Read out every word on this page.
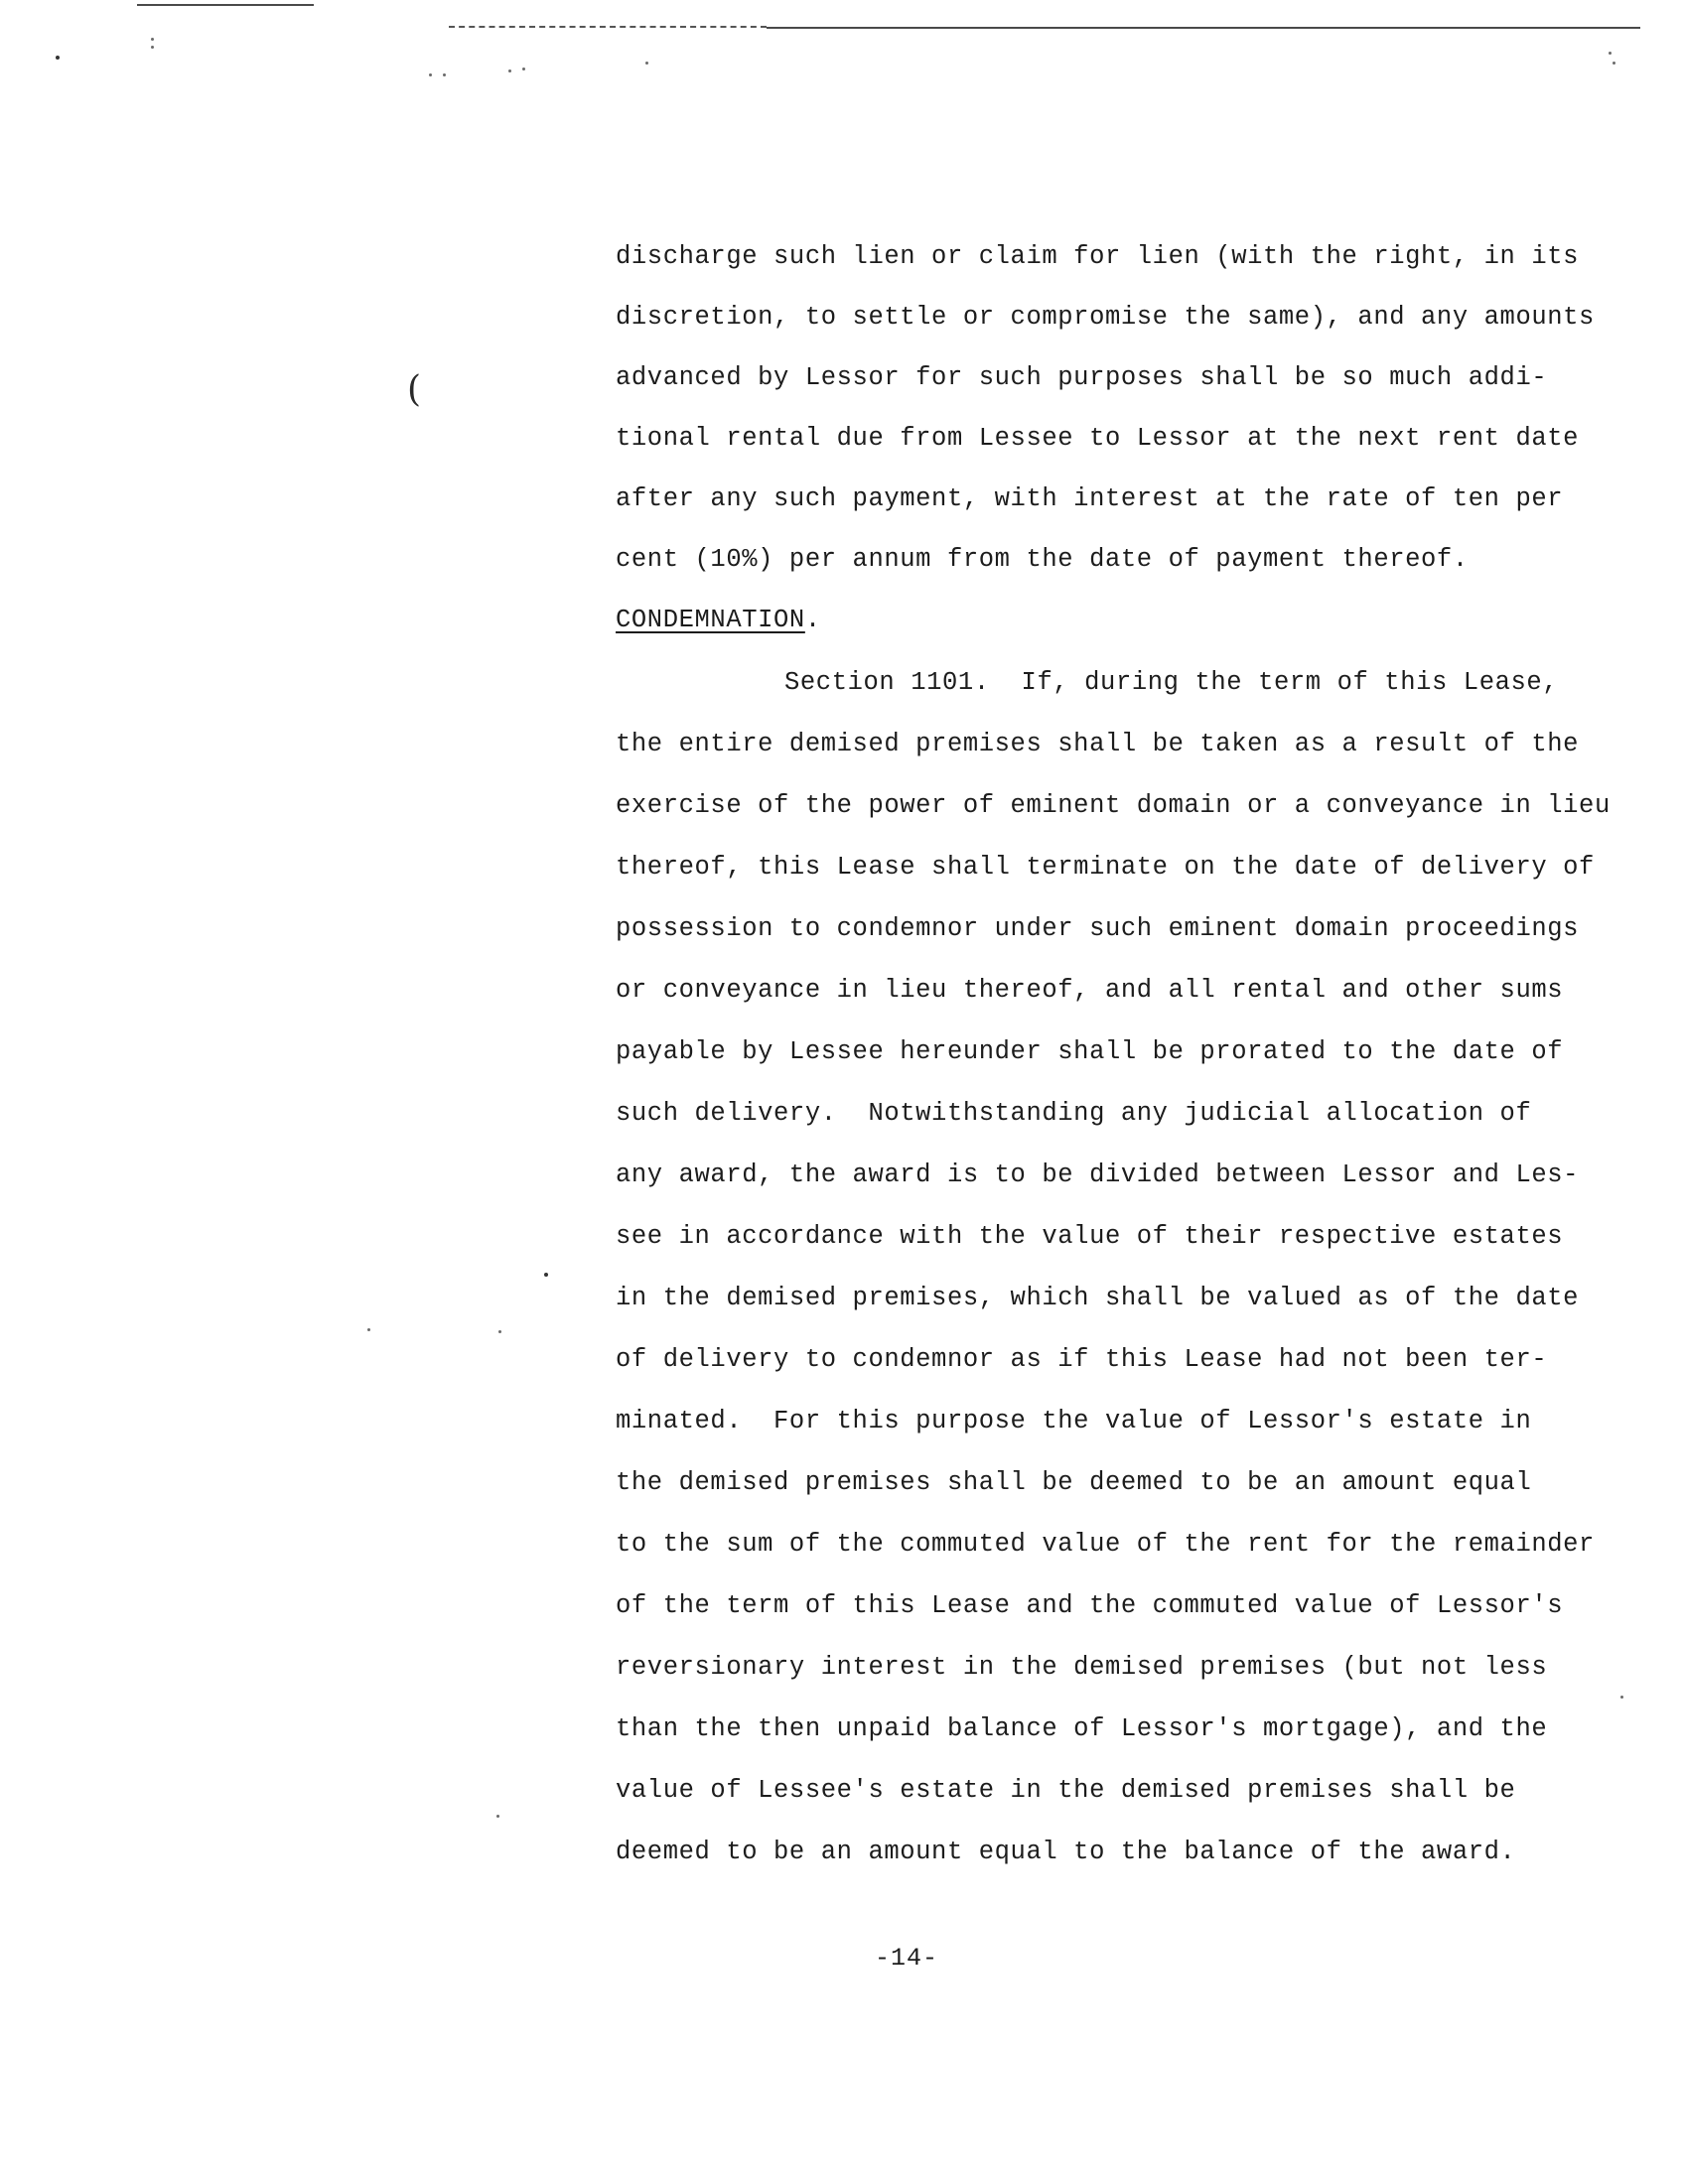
(
discharge such lien or claim for lien (with the right, in its
discretion, to settle or compromise the same), and any amounts
advanced by Lessor for such purposes shall be so much addi-
tional rental due from Lessee to Lessor at the next rent date
after any such payment, with interest at the rate of ten per
cent (10%) per annum from the date of payment thereof.
CONDEMNATION.
Section 1101.  If, during the term of this Lease,
the entire demised premises shall be taken as a result of the
exercise of the power of eminent domain or a conveyance in lieu
thereof, this Lease shall terminate on the date of delivery of
possession to condemnor under such eminent domain proceedings
or conveyance in lieu thereof, and all rental and other sums
payable by Lessee hereunder shall be prorated to the date of
such delivery.  Notwithstanding any judicial allocation of
any award, the award is to be divided between Lessor and Les-
see in accordance with the value of their respective estates
in the demised premises, which shall be valued as of the date
of delivery to condemnor as if this Lease had not been ter-
minated.  For this purpose the value of Lessor's estate in
the demised premises shall be deemed to be an amount equal
to the sum of the commuted value of the rent for the remainder
of the term of this Lease and the commuted value of Lessor's
reversionary interest in the demised premises (but not less
than the then unpaid balance of Lessor's mortgage), and the
value of Lessee's estate in the demised premises shall be
deemed to be an amount equal to the balance of the award.
-14-
